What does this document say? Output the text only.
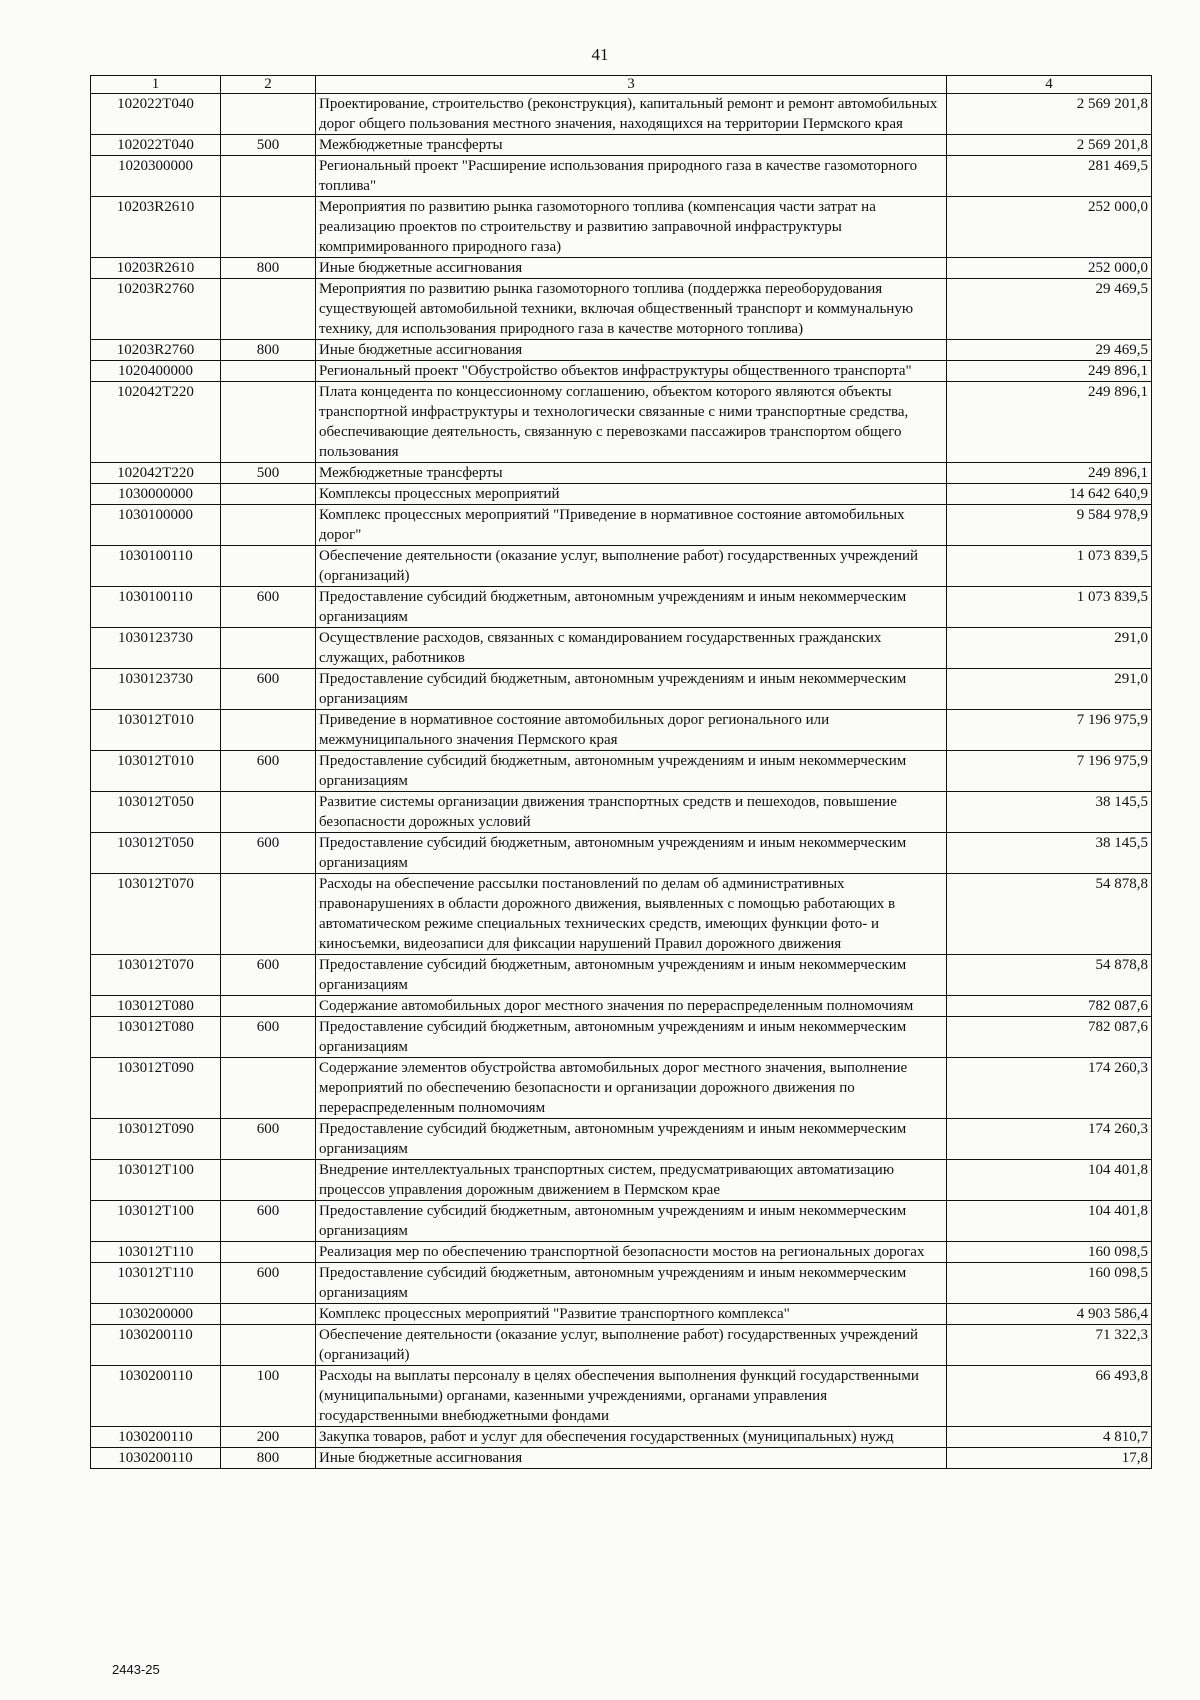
41
1	2	3	4
102022T040		Проектирование, строительство (реконструкция), капитальный ремонт и ремонт автомобильных дорог общего пользования местного значения, находящихся на территории Пермского края	2 569 201,8
102022T040	500	Межбюджетные трансферты	2 569 201,8
1020300000		Региональный проект "Расширение использования природного газа в качестве газомоторного топлива"	281 469,5
10203R2610		Мероприятия по развитию рынка газомоторного топлива (компенсация части затрат на реализацию проектов по строительству и развитию заправочной инфраструктуры компримированного природного газа)	252 000,0
10203R2610	800	Иные бюджетные ассигнования	252 000,0
10203R2760		Мероприятия по развитию рынка газомоторного топлива (поддержка переоборудования существующей автомобильной техники, включая общественный транспорт и коммунальную технику, для использования природного газа в качестве моторного топлива)	29 469,5
10203R2760	800	Иные бюджетные ассигнования	29 469,5
1020400000		Региональный проект "Обустройство объектов инфраструктуры общественного транспорта"	249 896,1
102042T220		Плата концедента по концессионному соглашению, объектом которого являются объекты транспортной инфраструктуры и технологически связанные с ними транспортные средства, обеспечивающие деятельность, связанную с перевозками пассажиров транспортом общего пользования	249 896,1
102042T220	500	Межбюджетные трансферты	249 896,1
1030000000		Комплексы процессных мероприятий	14 642 640,9
1030100000		Комплекс процессных мероприятий "Приведение в нормативное состояние автомобильных дорог"	9 584 978,9
1030100110		Обеспечение деятельности (оказание услуг, выполнение работ) государственных учреждений (организаций)	1 073 839,5
1030100110	600	Предоставление субсидий бюджетным, автономным учреждениям и иным некоммерческим организациям	1 073 839,5
1030123730		Осуществление расходов, связанных с командированием государственных гражданских служащих, работников	291,0
1030123730	600	Предоставление субсидий бюджетным, автономным учреждениям и иным некоммерческим организациям	291,0
103012T010		Приведение в нормативное состояние автомобильных дорог регионального или межмуниципального значения Пермского края	7 196 975,9
103012T010	600	Предоставление субсидий бюджетным, автономным учреждениям и иным некоммерческим организациям	7 196 975,9
103012T050		Развитие системы организации движения транспортных средств и пешеходов, повышение безопасности дорожных условий	38 145,5
103012T050	600	Предоставление субсидий бюджетным, автономным учреждениям и иным некоммерческим организациям	38 145,5
103012T070		Расходы на обеспечение рассылки постановлений по делам об административных правонарушениях в области дорожного движения, выявленных с помощью работающих в автоматическом режиме специальных технических средств, имеющих функции фото- и киносъемки, видеозаписи для фиксации нарушений Правил дорожного движения	54 878,8
103012T070	600	Предоставление субсидий бюджетным, автономным учреждениям и иным некоммерческим организациям	54 878,8
103012T080		Содержание автомобильных дорог местного значения по перераспределенным полномочиям	782 087,6
103012T080	600	Предоставление субсидий бюджетным, автономным учреждениям и иным некоммерческим организациям	782 087,6
103012T090		Содержание элементов обустройства автомобильных дорог местного значения, выполнение мероприятий по обеспечению безопасности и организации дорожного движения по перераспределенным полномочиям	174 260,3
103012T090	600	Предоставление субсидий бюджетным, автономным учреждениям и иным некоммерческим организациям	174 260,3
103012T100		Внедрение интеллектуальных транспортных систем, предусматривающих автоматизацию процессов управления дорожным движением в Пермском крае	104 401,8
103012T100	600	Предоставление субсидий бюджетным, автономным учреждениям и иным некоммерческим организациям	104 401,8
103012T110		Реализация мер по обеспечению транспортной безопасности мостов на региональных дорогах	160 098,5
103012T110	600	Предоставление субсидий бюджетным, автономным учреждениям и иным некоммерческим организациям	160 098,5
1030200000		Комплекс процессных мероприятий "Развитие транспортного комплекса"	4 903 586,4
1030200110		Обеспечение деятельности (оказание услуг, выполнение работ) государственных учреждений (организаций)	71 322,3
1030200110	100	Расходы на выплаты персоналу в целях обеспечения выполнения функций государственными (муниципальными) органами, казенными учреждениями, органами управления государственными внебюджетными фондами	66 493,8
1030200110	200	Закупка товаров, работ и услуг для обеспечения государственных (муниципальных) нужд	4 810,7
1030200110	800	Иные бюджетные ассигнования	17,8
2443-25
